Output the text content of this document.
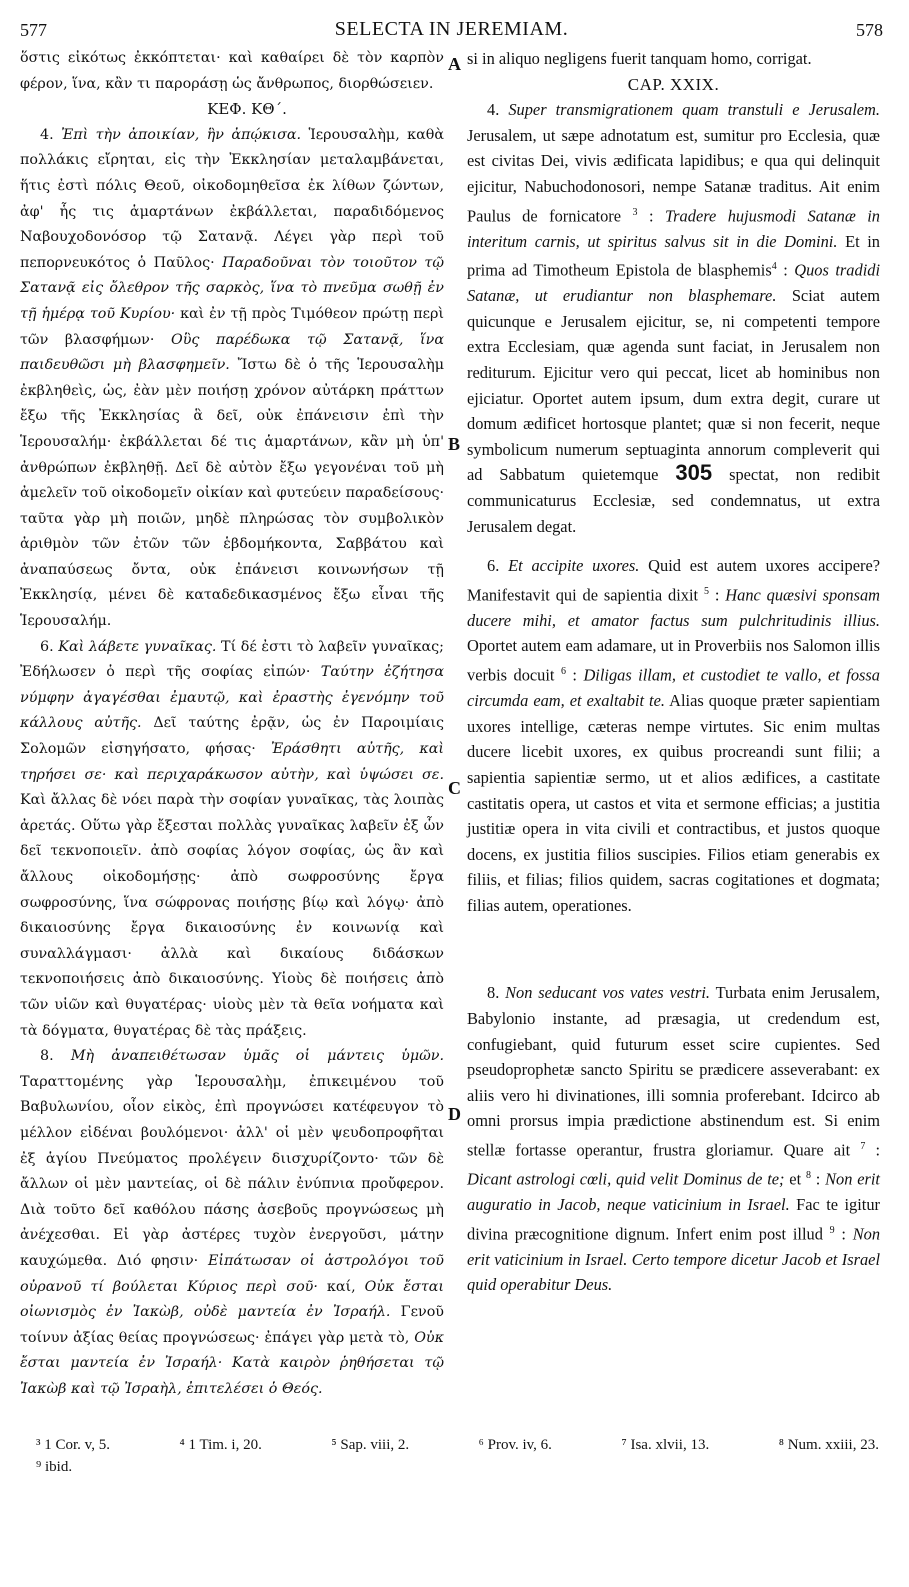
577	SELECTA IN JEREMIAM.	578

ὅστις εἰκότως ἐκκόπτεται· καὶ καθαίρει δὲ τὸν καρπὸν φέρον, ἵνα, κἂν τι παροράσῃ ὡς ἄνθρωπος, διορθώσειεν.

ΚΕΦ. ΚΘ΄.

4. Ἐπὶ τὴν ἀποικίαν, ἣν ἀπῴκισα. Ἱερουσαλὴμ, καθὰ πολλάκις εἴρηται, εἰς τὴν Ἐκκλησίαν μεταλαμβάνεται, ἥτις ἐστὶ πόλις Θεοῦ, οἰκοδομηθεῖσα ἐκ λίθων ζώντων, ἀφ' ἧς τις ἁμαρτάνων ἐκβάλλεται, παραδιδόμενος Ναβουχοδονόσορ τῷ Σατανᾷ. Λέγει γὰρ περὶ τοῦ πεπορνευκότος ὁ Παῦλος· Παραδοῦναι τὸν τοιοῦτον τῷ Σατανᾷ εἰς ὄλεθρον τῆς σαρκὸς, ἵνα τὸ πνεῦμα σωθῇ ἐν τῇ ἡμέρᾳ τοῦ Κυρίου· καὶ ἐν τῇ πρὸς Τιμόθεον πρώτῃ περὶ τῶν βλασφήμων· Οὓς παρέδωκα τῷ Σατανᾷ, ἵνα παιδευθῶσι μὴ βλασφημεῖν. Ἴστω δὲ ὁ τῆς Ἱερουσαλὴμ ἐκβληθεὶς, ὡς, ἐὰν μὲν ποιήσῃ χρόνον αὐτάρκη πράττων ἔξω τῆς Ἐκκλησίας ἃ δεῖ, οὐκ ἐπάνεισιν ἐπὶ τὴν Ἱερουσαλήμ· ἐκβάλλεται δέ τις ἁμαρτάνων, κἂν μὴ ὑπ' ἀνθρώπων ἐκβληθῇ. Δεῖ δὲ αὐτὸν ἔξω γεγονέναι τοῦ μὴ ἀμελεῖν τοῦ οἰκοδομεῖν οἰκίαν καὶ φυτεύειν παραδείσους· ταῦτα γὰρ μὴ ποιῶν, μηδὲ πληρώσας τὸν συμβολικὸν ἀριθμὸν τῶν ἐτῶν τῶν ἑβδομήκοντα, Σαββάτου καὶ ἀναπαύσεως ὄντα, οὐκ ἐπάνεισι κοινωνήσων τῇ Ἐκκλησίᾳ, μένει δὲ καταδεδικασμένος ἔξω εἶναι τῆς Ἱερουσαλήμ.

6. Καὶ λάβετε γυναῖκας. Τί δέ ἐστι τὸ λαβεῖν γυναῖκας; Ἐδήλωσεν ὁ περὶ τῆς σοφίας εἰπών· Ταύτην ἐζήτησα νύμφην ἀγαγέσθαι ἐμαυτῷ, καὶ ἐραστὴς ἐγενόμην τοῦ κάλλους αὐτῆς. Δεῖ ταύτης ἐρᾷν, ὡς ἐν Παροιμίαις Σολομῶν εἰσηγήσατο, φήσας· Ἐράσθητι αὐτῆς, καὶ τηρήσει σε· καὶ περιχαράκωσον αὐτὴν, καὶ ὑψώσει σε. Καὶ ἄλλας δὲ νόει παρὰ τὴν σοφίαν γυναῖκας, τὰς λοιπὰς ἀρετάς. Οὕτω γὰρ ἔξεσται πολλὰς γυναῖκας λαβεῖν ἐξ ὧν δεῖ τεκνοποιεῖν. ἀπὸ σοφίας λόγον σοφίας, ὡς ἂν καὶ ἄλλους οἰκοδομήσῃς· ἀπὸ σωφροσύνης ἔργα σωφροσύνης, ἵνα σώφρονας ποιήσῃς βίῳ καὶ λόγῳ· ἀπὸ δικαιοσύνης ἔργα δικαιοσύνης ἐν κοινωνίᾳ καὶ συναλλάγμασι· ἀλλὰ καὶ δικαίους διδάσκων τεκνοποιήσεις ἀπὸ δικαιοσύνης. Υἱοὺς δὲ ποιήσεις ἀπὸ τῶν υἱῶν καὶ θυγατέρας· υἱοὺς μὲν τὰ θεῖα νοήματα καὶ τὰ δόγματα, θυγατέρας δὲ τὰς πράξεις.

8. Μὴ ἀναπειθέτωσαν ὑμᾶς οἱ μάντεις ὑμῶν. Ταραττομένης γὰρ Ἱερουσαλὴμ, ἐπικειμένου τοῦ Βαβυλωνίου, οἷον εἰκὸς, ἐπὶ προγνώσει κατέφευγον τὸ μέλλον εἰδέναι βουλόμενοι· ἀλλ' οἱ μὲν ψευδοπροφῆται ἐξ ἁγίου Πνεύματος προλέγειν διισχυρίζοντο· τῶν δὲ ἄλλων οἱ μὲν μαντείας, οἱ δὲ πάλιν ἐνύπνια προὔφερον. Διὰ τοῦτο δεῖ καθόλου πάσης ἀσεβοῦς προγνώσεως μὴ ἀνέχεσθαι. Εἰ γὰρ ἀστέρες τυχὸν ἐνεργοῦσι, μάτην καυχώμεθα. Διό φησιν· Εἰπάτωσαν οἱ ἀστρολόγοι τοῦ οὐρανοῦ τί βούλεται Κύριος περὶ σοῦ· καί, Οὐκ ἔσται οἰωνισμὸς ἐν Ἰακὼβ, οὐδὲ μαντεία ἐν Ἰσραήλ. Γενοῦ τοίνυν ἀξίας θείας προγνώσεως· ἐπάγει γὰρ μετὰ τὸ, Οὐκ ἔσται μαντεία ἐν Ἰσραήλ· Κατὰ καιρὸν ῥηθήσεται τῷ Ἰακὼβ καὶ τῷ Ἰσραὴλ, ἐπιτελέσει ὁ Θεός.

A
B
C
D

si in aliquo negligens fuerit tanquam homo, corrigat.

CAP. XXIX.

4. Super transmigrationem quam transtuli e Jerusalem. Jerusalem, ut sæpe adnotatum est, sumitur pro Ecclesia, quæ est civitas Dei, vivis ædificata lapidibus; e qua qui delinquit ejicitur, Nabuchodonosori, nempe Satanæ traditus. Ait enim Paulus de fornicatore $^3$ : Tradere hujusmodi Satanæ in interitum carnis, ut spiritus salvus sit in die Domini. Et in prima ad Timotheum Epistola de blasphemis$^4$ : Quos tradidi Satanæ, ut erudiantur non blasphemare. Sciat autem quicunque e Jerusalem ejicitur, se, ni competenti tempore extra Ecclesiam, quæ agenda sunt faciat, in Jerusalem non rediturum. Ejicitur vero qui peccat, licet ab hominibus non ejiciatur. Oportet autem ipsum, dum extra degit, curare ut domum ædificet hortosque plantet; quæ si non fecerit, neque symbolicum numerum septuaginta annorum compleverit qui ad Sabbatum quietemque 305 spectat, non redibit communicaturus Ecclesiæ, sed condemnatus, ut extra Jerusalem degat.

6. Et accipite uxores. Quid est autem uxores accipere? Manifestavit qui de sapientia dixit $^5$ : Hanc quæsivi sponsam ducere mihi, et amator factus sum pulchritudinis illius. Oportet autem eam adamare, ut in Proverbiis nos Salomon illis verbis docuit $^6$ : Diligas illam, et custodiet te vallo, et fossa circumda eam, et exaltabit te. Alias quoque præter sapientiam uxores intellige, cæteras nempe virtutes. Sic enim multas ducere licebit uxores, ex quibus procreandi sunt filii; a sapientia sapientiæ sermo, ut et alios ædifices, a castitate castitatis opera, ut castos et vita et sermone efficias; a justitia justitiæ opera in vita civili et contractibus, et justos quoque docens, ex justitia filios suscipies. Filios etiam generabis ex filiis, et filias; filios quidem, sacras cogitationes et dogmata; filias autem, operationes.

8. Non seducant vos vates vestri. Turbata enim Jerusalem, Babylonio instante, ad præsagia, ut credendum est, confugiebant, quid futurum esset scire cupientes. Sed pseudoprophetæ sancto Spiritu se prædicere asseverabant: ex aliis vero hi divinationes, illi somnia proferebant. Idcirco ab omni prorsus impia prædictione abstinendum est. Si enim stellæ fortasse operantur, frustra gloriamur. Quare ait $^7$ : Dicant astrologi cœli, quid velit Dominus de te; et $^8$ : Non erit auguratio in Jacob, neque vaticinium in Israel. Fac te igitur divina præcognitione dignum. Infert enim post illud $^9$ : Non erit vaticinium in Israel. Certo tempore dicetur Jacob et Israel quid operabitur Deus.

³ 1 Cor. v, 5.	⁴ 1 Tim. i, 20.	⁵ Sap. viii, 2.	⁶ Prov. iv, 6.	⁷ Isa. xlvii, 13.	⁸ Num. xxiii, 23.
⁹ ibid.
